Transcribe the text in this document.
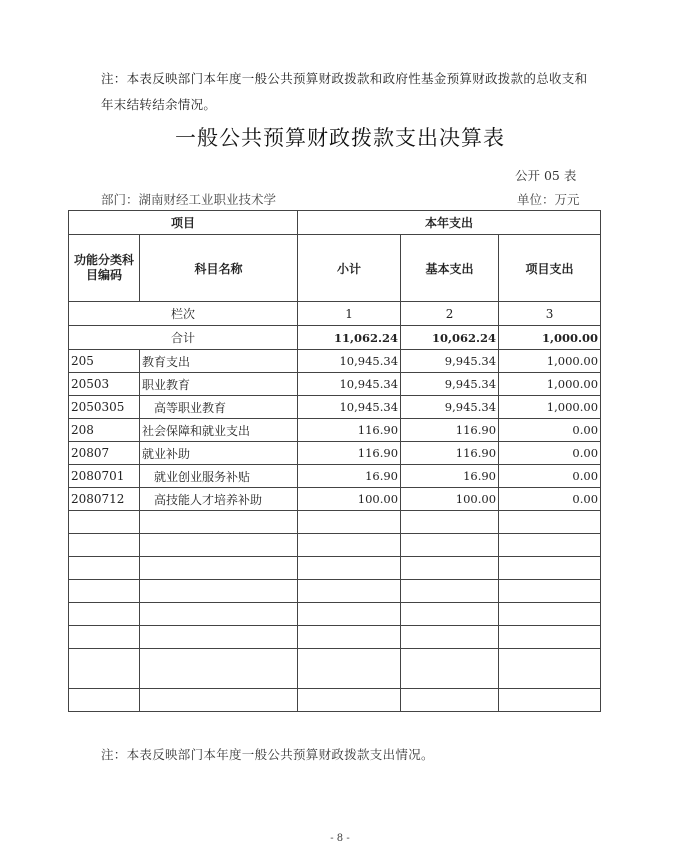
注：本表反映部门本年度一般公共预算财政拨款和政府性基金预算财政拨款的总收支和年末结转结余情况。
一般公共预算财政拨款支出决算表
公开 05 表
部门：湖南财经工业职业技术学	单位：万元
项目		本年支出		
功能分类科目编码	科目名称	小计	基本支出	项目支出
栏次		1	2	3
合计		11,062.24	10,062.24	1,000.00
205	教育支出	10,945.34	9,945.34	1,000.00
20503	职业教育	10,945.34	9,945.34	1,000.00
2050305	高等职业教育	10,945.34	9,945.34	1,000.00
208	社会保障和就业支出	116.90	116.90	0.00
20807	就业补助	116.90	116.90	0.00
2080701	就业创业服务补贴	16.90	16.90	0.00
2080712	高技能人才培养补助	100.00	100.00	0.00

注：本表反映部门本年度一般公共预算财政拨款支出情况。
- 8 -
